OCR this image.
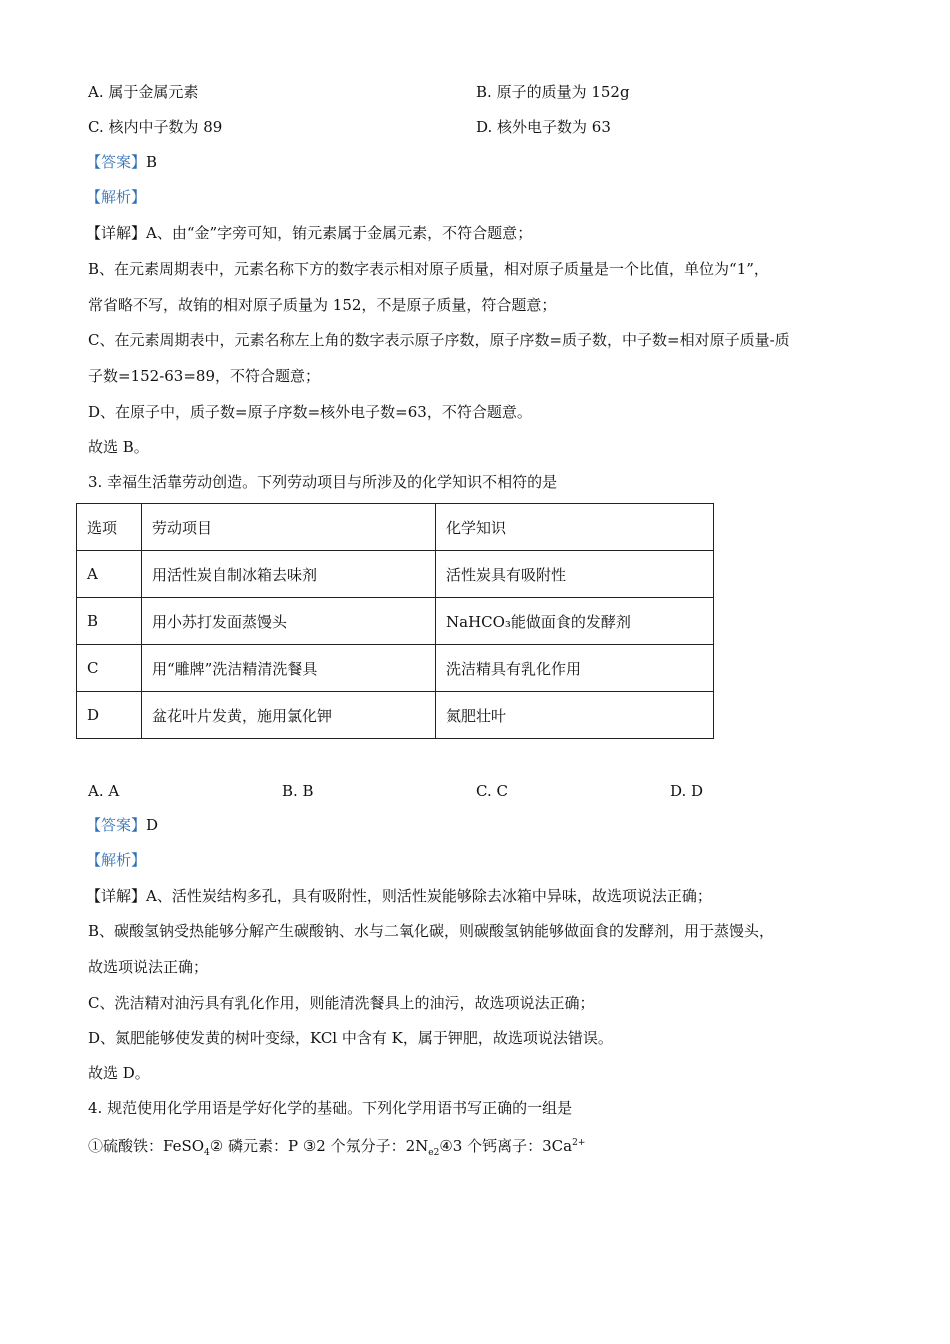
A. 属于金属元素	B. 原子的质量为 152g
C. 核内中子数为 89	D. 核外电子数为 63
【答案】B
【解析】
【详解】A、由“金”字旁可知，铕元素属于金属元素，不符合题意；
B、在元素周期表中，元素名称下方的数字表示相对原子质量，相对原子质量是一个比值，单位为“1”，
常省略不写，故铕的相对原子质量为 152，不是原子质量，符合题意；
C、在元素周期表中，元素名称左上角的数字表示原子序数，原子序数=质子数，中子数=相对原子质量-质
子数=152-63=89，不符合题意；
D、在原子中，质子数=原子序数=核外电子数=63，不符合题意。
故选 B。
3. 幸福生活靠劳动创造。下列劳动项目与所涉及的化学知识不相符的是
选项	劳动项目	化学知识
A	用活性炭自制冰箱去味剂	活性炭具有吸附性
B	用小苏打发面蒸馒头	NaHCO₃能做面食的发酵剂
C	用“雕牌”洗洁精清洗餐具	洗洁精具有乳化作用
D	盆花叶片发黄，施用氯化钾	氮肥壮叶
A. A	B. B	C. C	D. D
【答案】D
【解析】
【详解】A、活性炭结构多孔，具有吸附性，则活性炭能够除去冰箱中异味，故选项说法正确；
B、碳酸氢钠受热能够分解产生碳酸钠、水与二氧化碳，则碳酸氢钠能够做面食的发酵剂，用于蒸馒头，
故选项说法正确；
C、洗洁精对油污具有乳化作用，则能清洗餐具上的油污，故选项说法正确；
D、氮肥能够使发黄的树叶变绿，KCl 中含有 K，属于钾肥，故选项说法错误。
故选 D。
4. 规范使用化学用语是学好化学的基础。下列化学用语书写正确的一组是
①硫酸铁：FeSO$_4$② 磷元素：P ③2 个氖分子：$2N_{e2}④3$ 个钙离子：$3Ca^{2+}$
